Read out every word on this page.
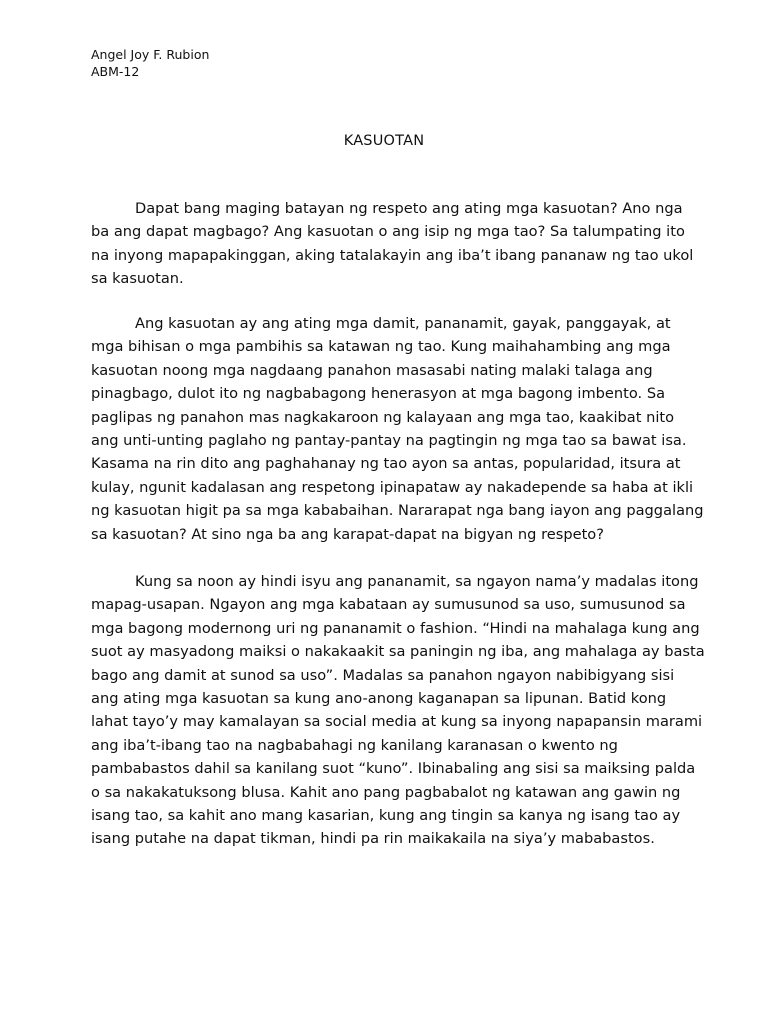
Angel Joy F. Rubion
ABM-12
KASUOTAN
Dapat bang maging batayan ng respeto ang ating mga kasuotan? Ano nga
ba ang dapat magbago? Ang kasuotan o ang isip ng mga tao? Sa talumpating ito
na inyong mapapakinggan, aking tatalakayin ang iba’t ibang pananaw ng tao ukol
sa kasuotan.
Ang kasuotan ay ang ating mga damit, pananamit, gayak, panggayak, at
mga bihisan o mga pambihis sa katawan ng tao. Kung maihahambing ang mga
kasuotan noong mga nagdaang panahon masasabi nating malaki talaga ang
pinagbago, dulot ito ng nagbabagong henerasyon at mga bagong imbento. Sa
paglipas ng panahon mas nagkakaroon ng kalayaan ang mga tao, kaakibat nito
ang unti-unting paglaho ng pantay-pantay na pagtingin ng mga tao sa bawat isa.
Kasama na rin dito ang paghahanay ng tao ayon sa antas, popularidad, itsura at
kulay, ngunit kadalasan ang respetong ipinapataw ay nakadepende sa haba at ikli
ng kasuotan higit pa sa mga kababaihan. Nararapat nga bang iayon ang paggalang
sa kasuotan? At sino nga ba ang karapat-dapat na bigyan ng respeto?
Kung sa noon ay hindi isyu ang pananamit, sa ngayon nama’y madalas itong
mapag-usapan. Ngayon ang mga kabataan ay sumusunod sa uso, sumusunod sa
mga bagong modernong uri ng pananamit o fashion. “Hindi na mahalaga kung ang
suot ay masyadong maiksi o nakakaakit sa paningin ng iba, ang mahalaga ay basta
bago ang damit at sunod sa uso”. Madalas sa panahon ngayon nabibigyang sisi
ang ating mga kasuotan sa kung ano-anong kaganapan sa lipunan. Batid kong
lahat tayo’y may kamalayan sa social media at kung sa inyong napapansin marami
ang iba’t-ibang tao na nagbabahagi ng kanilang karanasan o kwento ng
pambabastos dahil sa kanilang suot “kuno”. Ibinabaling ang sisi sa maiksing palda
o sa nakakatuksong blusa. Kahit ano pang pagbabalot ng katawan ang gawin ng
isang tao, sa kahit ano mang kasarian, kung ang tingin sa kanya ng isang tao ay
isang putahe na dapat tikman, hindi pa rin maikakaila na siya’y mababastos.
